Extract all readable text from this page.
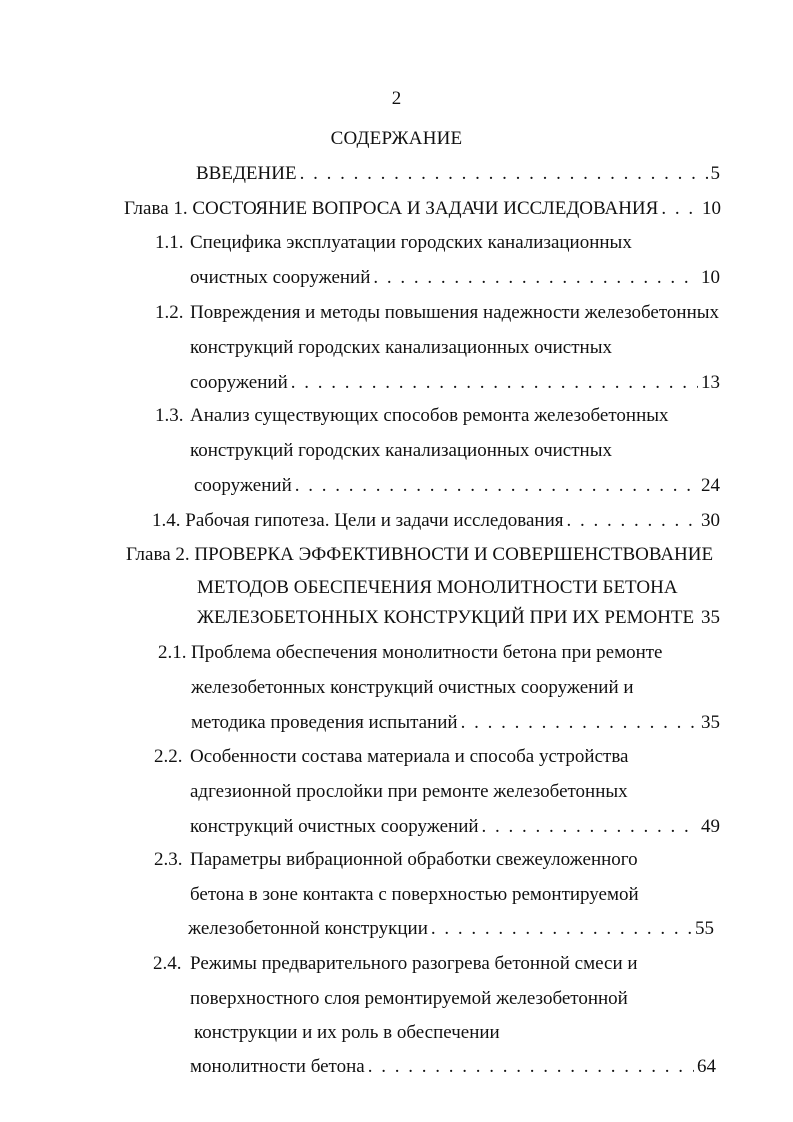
2
СОДЕРЖАНИЕ
ВВЕДЕНИЕ . . .	5
Глава 1. СОСТОЯНИЕ ВОПРОСА И ЗАДАЧИ ИССЛЕДОВАНИЯ . . . 10
1.1. Специфика эксплуатации городских канализационных
очистных сооружений . . .	10
1.2. Повреждения и методы повышения надежности железобетонных
конструкций городских канализационных очистных
сооружений . . .	13
1.3. Анализ существующих способов ремонта железобетонных
конструкций городских канализационных очистных
сооружений . . .	24
1.4. Рабочая гипотеза. Цели и задачи исследования . . .	30
Глава 2. ПРОВЕРКА ЭФФЕКТИВНОСТИ И СОВЕРШЕНСТВОВАНИЕ
МЕТОДОВ ОБЕСПЕЧЕНИЯ МОНОЛИТНОСТИ БЕТОНА
ЖЕЛЕЗОБЕТОННЫХ КОНСТРУКЦИЙ ПРИ ИХ РЕМОНТЕ . . . 35
2.1. Проблема обеспечения монолитности бетона при ремонте
железобетонных конструкций очистных сооружений и
методика проведения испытаний . . .	35
2.2. Особенности состава материала и способа устройства
адгезионной прослойки при ремонте железобетонных
конструкций очистных сооружений . . .	49
2.3. Параметры вибрационной обработки свежеуложенного
бетона в зоне контакта с поверхностью ремонтируемой
железобетонной конструкции . . .	55
2.4. Режимы предварительного разогрева бетонной смеси и
поверхностного слоя ремонтируемой железобетонной
конструкции и их роль в обеспечении
монолитности бетона . . .	64
